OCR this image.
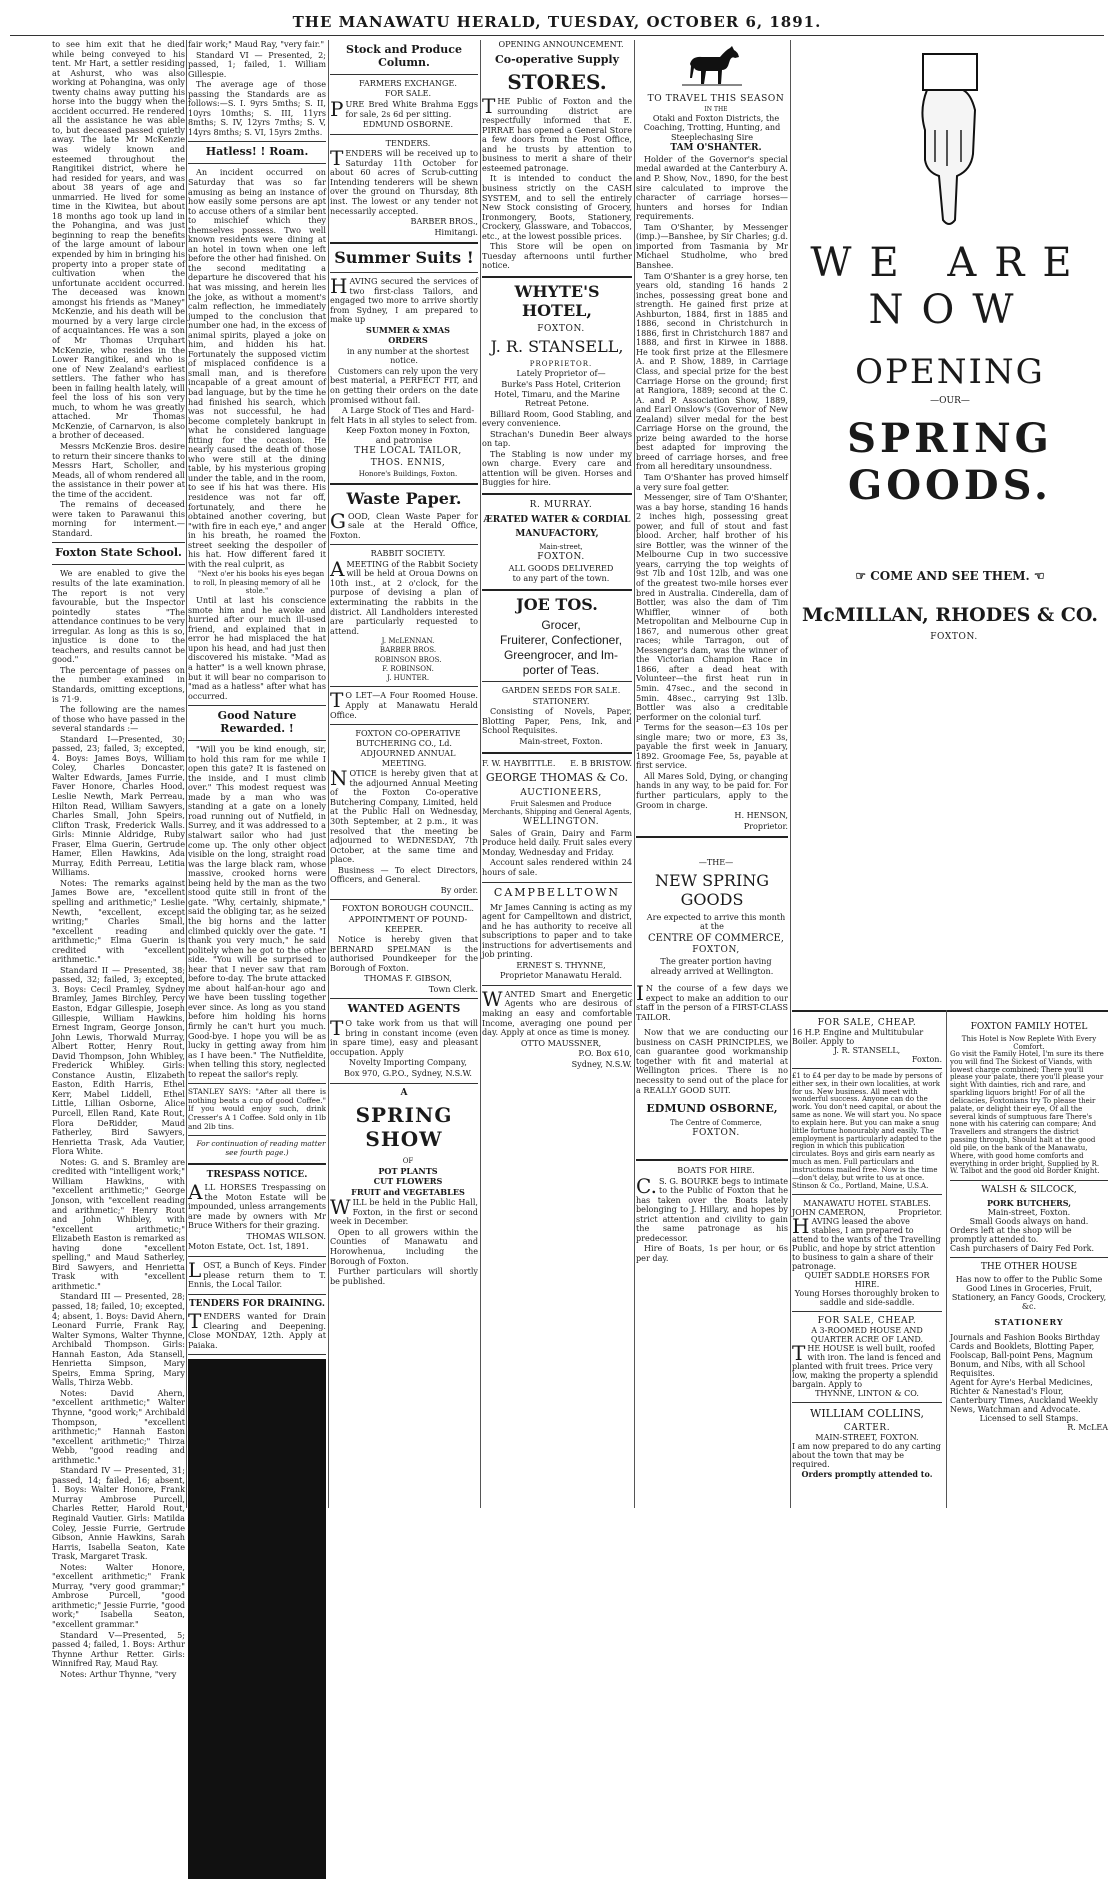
THE MANAWATU HERALD, TUESDAY, OCTOBER 6, 1891.

to see him exit that he died while being conveyed to his tent. Mr Hart, a settler residing at Ashurst, who was also working at Pohangina, was only twenty chains away putting his horse into the buggy when the accident occurred. He rendered all the assistance he was able to, but deceased passed quietly away. The late Mr McKenzie was widely known and esteemed throughout the Rangitikei district, where he had resided for years, and was about 38 years of age and unmarried. He lived for some time in the Kiwitea, but about 18 months ago took up land in the Pohangina, and was just beginning to reap the benefits of the large amount of labour expended by him in bringing his property into a proper state of cultivation when the unfortunate accident occurred. The deceased was known amongst his friends as "Maney" McKenzie, and his death will be mourned by a very large circle of acquaintances. He was a son of Mr Thomas Urquhart McKenzie, who resides in the Lower Rangitikei, and who is one of New Zealand's earliest settlers. The father who has been in failing health lately, will feel the loss of his son very much, to whom he was greatly attached. Mr Thomas McKenzie, of Carnarvon, is also a brother of deceased.

Messrs McKenzie Bros. desire to return their sincere thanks to Messrs Hart, Scholler, and Meads, all of whom rendered all the assistance in their power at the time of the accident.

The remains of deceased were taken to Parawanui this morning for interment.—Standard.

Foxton State School.

We are enabled to give the results of the late examination. The report is not very favourable, but the Inspector pointedly states "The attendance continues to be very irregular. As long as this is so, injustice is done to the teachers, and results cannot be good."

The percentage of passes on the number examined in Standards, omitting exceptions, is 71·9.

The following are the names of those who have passed in the several standards :—

Standard I—Presented, 30; passed, 23; failed, 3; excepted, 4. Boys: James Boys, William Coley, Charles Doncaster, Walter Edwards, James Furrie, Faver Honore, Charles Hood, Leslie Newth, Mark Perreau, Hilton Read, William Sawyers, Charles Small, John Speirs, Clifton Trask, Frederick Walls. Girls: Minnie Aldridge, Ruby Fraser, Elma Guerin, Gertrude Hamer, Ellen Hawkins, Ada Murray, Edith Perreau, Letitia Williams.

Notes: The remarks against James Bowe are, "excellent spelling and arithmetic;" Leslie Newth, "excellent, except writing;" Charles Small, "excellent reading and arithmetic;" Elma Guerin is credited with "excellent arithmetic."

Standard II — Presented, 38; passed, 32; failed, 3; excepted, 3. Boys: Cecil Pramley, Sydney Bramley, James Birchley, Percy Easton, Edgar Gillespie, Joseph Gillespie, William Hawkins, Ernest Ingram, George Jonson, John Lewis, Thorwald Murray, Albert Rotter, Henry Rout, David Thompson, John Whibley, Frederick Whibley. Girls: Constance Austin, Elizabeth Easton, Edith Harris, Ethel Kerr, Mabel Liddell, Ethel Little, Lillian Osborne, Alice Purcell, Ellen Rand, Kate Rout, Flora DeRidder, Maud Fatherley, Bird Sawyers, Henrietta Trask, Ada Vautier, Flora White.

Notes: G. and S. Bramley are credited with "intelligent work;" William Hawkins, with "excellent arithmetic;" George Jonson, with "excellent reading and arithmetic;" Henry Rout and John Whibley, with "excellent arithmetic;" Elizabeth Easton is remarked as having done "excellent spelling," and Maud Satherley, Bird Sawyers, and Henrietta Trask with "excellent arithmetic."

Standard III — Presented, 28; passed, 18; failed, 10; excepted, 4; absent, 1. Boys: David Ahern, Leonard Furrie, Frank Ray, Walter Symons, Walter Thynne, Archibald Thompson. Girls: Hannah Easton, Ada Stansell, Henrietta Simpson, Mary Speirs, Emma Spring, Mary Walls, Thirza Webb.

Notes: David Ahern, "excellent arithmetic;" Walter Thynne, "good work;" Archibald Thompson, "excellent arithmetic;" Hannah Easton "excellent arithmetic;" Thirza Webb, "good reading and arithmetic."

Standard IV — Presented, 31; passed, 14; failed, 16; absent, 1. Boys: Walter Honore, Frank Murray Ambrose Purcell, Charles Retter, Harold Rout, Reginald Vautier. Girls: Matilda Coley, Jessie Furrie, Gertrude Gibson, Annie Hawkins, Sarah Harris, Isabella Seaton, Kate Trask, Margaret Trask.

Notes: Walter Honore, "excellent arithmetic;" Frank Murray, "very good grammar;" Ambrose Purcell, "good arithmetic;" Jessie Furrie, "good work;" Isabella Seaton, "excellent grammar."

Standard V—Presented, 5; passed 4; failed, 1. Boys: Arthur Thynne Arthur Retter. Girls: Winnifred Ray, Maud Ray.

Notes: Arthur Thynne, "very

fair work;" Maud Ray, "very fair."

Standard VI — Presented, 2; passed, 1; failed, 1. William Gillespie.

The average age of those passing the Standards are as follows:—S. I. 9yrs 5mths; S. II, 10yrs 10mths; S. III, 11yrs 8mths; S. IV, 12yrs 7mths; S. V, 14yrs 8mths; S. VI, 15yrs 2mths.

Hatless! ! Roam.

An incident occurred on Saturday that was so far amusing as being an instance of how easily some persons are apt to accuse others of a similar bent to mischief which they themselves possess. Two well known residents were dining at an hotel in town when one left before the other had finished. On the second meditating a departure he discovered that his hat was missing, and herein lies the joke, as without a moment's calm reflection, he immediately jumped to the conclusion that number one had, in the excess of animal spirits, played a joke on him, and hidden his hat. Fortunately the supposed victim of misplaced confidence is a small man, and is therefore incapable of a great amount of bad language, but by the time he had finished his search, which was not successful, he had become completely bankrupt in what he considered language fitting for the occasion. He nearly caused the death of those who were still at the dining table, by his mysterious groping under the table, and in the room, to see if his hat was there. His residence was not far off, fortunately, and there he obtained another covering, but "with fire in each eye," and anger in his breath, he roamed the street seeking the despoiler of his hat. How different fared it with the real culprit, as

"Next o'er his books his eyes began to roll, In pleasing memory of all he stole."

Until at last his conscience smote him and he awoke and hurried after our much ill-used friend, and explained that in error he had misplaced the hat upon his head, and had just then discovered his mistake. "Mad as a hatter" is a well known phrase, but it will bear no comparison to "mad as a hatless" after what has occurred.

Good Nature Rewarded. !

"Will you be kind enough, sir, to hold this ram for me while I open this gate? It is fastened on the inside, and I must climb over." This modest request was made by a man who was standing at a gate on a lonely road running out of Nutfield, in Surrey, and it was addressed to a stalwart sailor who had just come up. The only other object visible on the long, straight road was the large black ram, whose massive, crooked horns were being held by the man as the two stood quite still in front of the gate. "Why, certainly, shipmate," said the obliging tar, as he seized the big horns and the latter climbed quickly over the gate. "I thank you very much," he said politely when he got to the other side. "You will be surprised to hear that I never saw that ram before to-day. The brute attacked me about half-an-hour ago and we have been tussling together ever since. As long as you stand before him holding his horns firmly he can't hurt you much. Good-bye. I hope you will be as lucky in getting away from him as I have been." The Nutfieldite, when telling this story, neglected to repeat the sailor's reply.

STANLEY SAYS: "After all there is nothing beats a cup of good Coffee." If you would enjoy such, drink Cresser's A 1 Coffee. Sold only in 1lb and 2lb tins.

For continuation of reading matter see fourth page.)

TRESPASS NOTICE.

ALL HORSES Trespassing on the Moton Estate will be impounded, unless arrangements are made by owners with Mr Bruce Withers for their grazing.

THOMAS WILSON.

Moton Estate, Oct. 1st, 1891.

LOST, a Bunch of Keys. Finder please return them to T. Ennis, the Local Tailor.

TENDERS FOR DRAINING.

TENDERS wanted for Drain Clearing and Deepening. Close MONDAY, 12th. Apply at Paiaka.

Stock and Produce Column.

FARMERS EXCHANGE.

FOR SALE.

PURE Bred White Brahma Eggs for sale, 2s 6d per sitting.

EDMUND OSBORNE.

TENDERS.

TENDERS will be received up to Saturday 11th October for about 60 acres of Scrub-cutting Intending tenderers will be shewn over the ground on Thursday, 8th inst. The lowest or any tender not necessarily accepted.

BARBER BROS.,

Himitangi.

Summer Suits !

HAVING secured the services of two first-class Tailors, and engaged two more to arrive shortly from Sydney, I am prepared to make up

SUMMER & XMAS

ORDERS

in any number at the shortest notice.

Customers can rely upon the very best material, a PERFECT FIT, and on getting their orders on the date promised without fail.

A Large Stock of Ties and Hard-felt Hats in all styles to select from.

Keep Foxton money in Foxton, and patronise

THE LOCAL TAILOR,

THOS. ENNIS,

Honore's Buildings, Foxton.

Waste Paper.

GOOD, Clean Waste Paper for sale at the Herald Office, Foxton.

RABBIT SOCIETY.

AMEETING of the Rabbit Society will be held at Oroua Downs on 10th inst., at 2 o'clock, for the purpose of devising a plan of exterminating the rabbits in the district. All Landholders interested are particularly requested to attend.

J. McLENNAN.

BARBER BROS.

ROBINSON BROS.

F. ROBINSON.

J. HUNTER.

TO LET—A Four Roomed House. Apply at Manawatu Herald Office.

FOXTON CO-OPERATIVE BUTCHERING CO., Ld.

ADJOURNED ANNUAL MEETING.

NOTICE is hereby given that at the adjourned Annual Meeting of the Foxton Co-operative Butchering Company, Limited, held at the Public Hall on Wednesday, 30th September, at 2 p.m., it was resolved that the meeting be adjourned to WEDNESDAY, 7th October, at the same time and place.

Business — To elect Directors, Officers, and General.

By order.

FOXTON BOROUGH COUNCIL.

APPOINTMENT OF POUND-KEEPER.

Notice is hereby given that BERNARD SPELMAN is the authorised Poundkeeper for the Borough of Foxton.

THOMAS F. GIBSON,

Town Clerk.

WANTED AGENTS

TO take work from us that will bring in constant income (even in spare time), easy and pleasant occupation. Apply

Novelty Importing Company,

Box 970, G.P.O., Sydney, N.S.W.

A
SPRING SHOW

OF

POT PLANTS

CUT FLOWERS

FRUIT and VEGETABLES

WILL be held in the Public Hall, Foxton, in the first or second week in December.

Open to all growers within the Counties of Manawatu and Horowhenua, including the Borough of Foxton.

Further particulars will shortly be published.

OPENING ANNOUNCEMENT.

Co-operative Supply
STORES.

THE Public of Foxton and the surrounding district are respectfully informed that E. PIRRAE has opened a General Store a few doors from the Post Office, and he trusts by attention to business to merit a share of their esteemed patronage.

It is intended to conduct the business strictly on the CASH SYSTEM, and to sell the entirely New Stock consisting of Grocery, Ironmongery, Boots, Stationery, Crockery, Glassware, and Tobaccos, etc., at the lowest possible prices.

This Store will be open on Tuesday afternoons until further notice.

WHYTE'S HOTEL,

FOXTON.

J. R. STANSELL,

PROPRIETOR.

Lately Proprietor of—

Burke's Pass Hotel, Criterion Hotel, Timaru, and the Marine Retreat Petone.

Billiard Room, Good Stabling, and every convenience.

Strachan's Dunedin Beer always on tap.

The Stabling is now under my own charge. Every care and attention will be given. Horses and Buggies for hire.

R. MURRAY.

ÆRATED WATER & CORDIAL
MANUFACTORY,

Main-street,

FOXTON.

ALL GOODS DELIVERED

to any part of the town.

JOE TOS.

Grocer,

Fruiterer, Confectioner,

Greengrocer, and Im-

porter of Teas.

GARDEN SEEDS FOR SALE.

STATIONERY.

Consisting of Novels, Paper, Blotting Paper, Pens, Ink, and School Requisites.

Main-street, Foxton.

F. W. HAYBITTLE. E. B BRISTOW.
GEORGE THOMAS & Co.

AUCTIONEERS,

Fruit Salesmen and Produce Merchants, Shipping and General Agents,

WELLINGTON.

Sales of Grain, Dairy and Farm Produce held daily. Fruit sales every Monday, Wednesday and Friday.

Account sales rendered within 24 hours of sale.

CAMPBELLTOWN

Mr James Canning is acting as my agent for Campelltown and district, and he has authority to receive all subscriptions to paper and to take instructions for advertisements and job printing.

ERNEST S. THYNNE,

Proprietor Manawatu Herald.

WANTED Smart and Energetic Agents who are desirous of making an easy and comfortable Income, averaging one pound per day. Apply at once as time is money.

OTTO MAUSSNER,

P.O. Box 610,

Sydney, N.S.W.

TO TRAVEL THIS SEASON

IN THE

Otaki and Foxton Districts, the Coaching, Trotting, Hunting, and Steeplechasing Sire

TAM O'SHANTER.

Holder of the Governor's special medal awarded at the Canterbury A. and P. Show, Nov., 1890, for the best sire calculated to improve the character of carriage horses—hunters and horses for Indian requirements.

Tam O'Shanter, by Messenger (imp.)—Banshee, by Sir Charles; g.d. imported from Tasmania by Mr Michael Studholme, who bred Banshee.

Tam O'Shanter is a grey horse, ten years old, standing 16 hands 2 inches, possessing great bone and strength. He gained first prize at Ashburton, 1884, first in 1885 and 1886, second in Christchurch in 1886, first in Christchurch 1887 and 1888, and first in Kirwee in 1888. He took first prize at the Ellesmere A. and P. Show, 1889, in Carriage Class, and special prize for the best Carriage Horse on the ground; first at Rangiora, 1889; second at the C. A. and P. Association Show, 1889, and Earl Onslow's (Governor of New Zealand) silver medal for the best Carriage Horse on the ground, the prize being awarded to the horse best adapted for improving the breed of carriage horses, and free from all hereditary unsoundness.

Tam O'Shanter has proved himself a very sure foal getter.

Messenger, sire of Tam O'Shanter, was a bay horse, standing 16 hands 2 inches high, possessing great power, and full of stout and fast blood. Archer, half brother of his sire Bottler, was the winner of the Melbourne Cup in two successive years, carrying the top weights of 9st 7lb and 10st 12lb, and was one of the greatest two-mile horses ever bred in Australia. Cinderella, dam of Bottler, was also the dam of Tim Whiffler, winner of both Metropolitan and Melbourne Cup in 1867, and numerous other great races; while Tarragon, out of Messenger's dam, was the winner of the Victorian Champion Race in 1866, after a dead heat with Volunteer—the first heat run in 5min. 47sec., and the second in 5min. 48sec., carrying 9st 13lb. Bottler was also a creditable performer on the colonial turf.

Terms for the season—£3 10s per single mare; two or more, £3 3s, payable the first week in January, 1892. Groomage Fee, 5s, payable at first service.

All Mares Sold, Dying, or changing hands in any way, to be paid for. For further particulars, apply to the Groom in charge.

H. HENSON,

Proprietor.

—THE—

NEW SPRING GOODS

Are expected to arrive this month at the

CENTRE OF COMMERCE,

FOXTON,

The greater portion having already arrived at Wellington.

IN the course of a few days we expect to make an addition to our staff in the person of a FIRST-CLASS TAILOR.

Now that we are conducting our business on CASH PRINCIPLES, we can guarantee good workmanship together with fit and material at Wellington prices. There is no necessity to send out of the place for a REALLY GOOD SUIT.

EDMUND OSBORNE,

The Centre of Commerce,

FOXTON.

BOATS FOR HIRE.

C.S. G. BOURKE begs to intimate to the Public of Foxton that he has taken over the Boats lately belonging to J. Hillary, and hopes by strict attention and civility to gain the same patronage as his predecessor.

Hire of Boats, 1s per hour, or 6s per day.

WE ARE NOW
OPENING
—OUR—
SPRING GOODS.
☞ COME AND SEE THEM. ☜
McMILLAN, RHODES & CO.

FOXTON.

FOR SALE, CHEAP.

16 H.P. Engine and Multitubular Boiler. Apply to

J. R. STANSELL,

Foxton.

£1 to £4 per day to be made by persons of either sex, in their own localities, at work for us. New business. All meet with wonderful success. Anyone can do the work. You don't need capital, or about the same as none. We will start you. No space to explain here. But you can make a snug little fortune honourably and easily. The employment is particularly adapted to the region in which this publication circulates. Boys and girls earn nearly as much as men. Full particulars and instructions mailed free. Now is the time—don't delay, but write to us at once. Stinson & Co., Portland, Maine, U.S.A.

MANAWATU HOTEL STABLES.

JOHN CAMERON,	Proprietor.

HAVING leased the above stables, I am prepared to attend to the wants of the Travelling Public, and hope by strict attention to business to gain a share of their patronage.

QUIET SADDLE HORSES FOR HIRE.

Young Horses thoroughly broken to saddle and side-saddle.

FOR SALE, CHEAP.

A 3-ROOMED HOUSE AND

QUARTER ACRE OF LAND.

THE HOUSE is well built, roofed with iron. The land is fenced and planted with fruit trees. Price very low, making the property a splendid bargain. Apply to

THYNNE, LINTON & CO.

WILLIAM COLLINS,

CARTER.

MAIN-STREET, FOXTON.

I am now prepared to do any carting about the town that may be required.

Orders promptly attended to.

FOXTON FAMILY HOTEL

This Hotel is Now Replete With Every Comfort.

Go visit the Family Hotel, I'm sure its there you will find The Sickest of Viands, with lowest charge combined; There you'll please your palate, there you'll please your sight With dainties, rich and rare, and sparkling liquors bright! For of all the delicacies, Foxtonians try To please their palate, or delight their eye, Of all the several kinds of sumptuous fare There's none with his catering can compare; And Travellers and strangers the district passing through, Should halt at the good old pile, on the bank of the Manawatu, Where, with good home comforts and everything in order bright, Supplied by R. W. Talbot and the good old Border Knight.

WALSH & SILCOCK,

PORK BUTCHERS,

Main-street, Foxton.

Small Goods always on hand.

Orders left at the shop will be promptly attended to.

Cash purchasers of Dairy Fed Pork.

THE OTHER HOUSE

Has now to offer to the Public Some Good Lines in Groceries, Fruit, Stationery, an Fancy Goods, Crockery, &c.

STATIONERY

Journals and Fashion Books Birthday Cards and Booklets, Blotting Paper, Foolscap, Ball-point Pens, Magnum Bonum, and Nibs, with all School Requisites.

Agent for Ayre's Herbal Medicines, Richter & Nanestad's Flour, Canterbury Times, Auckland Weekly News, Watchman and Advocate.

Licensed to sell Stamps.

R. McLEA
